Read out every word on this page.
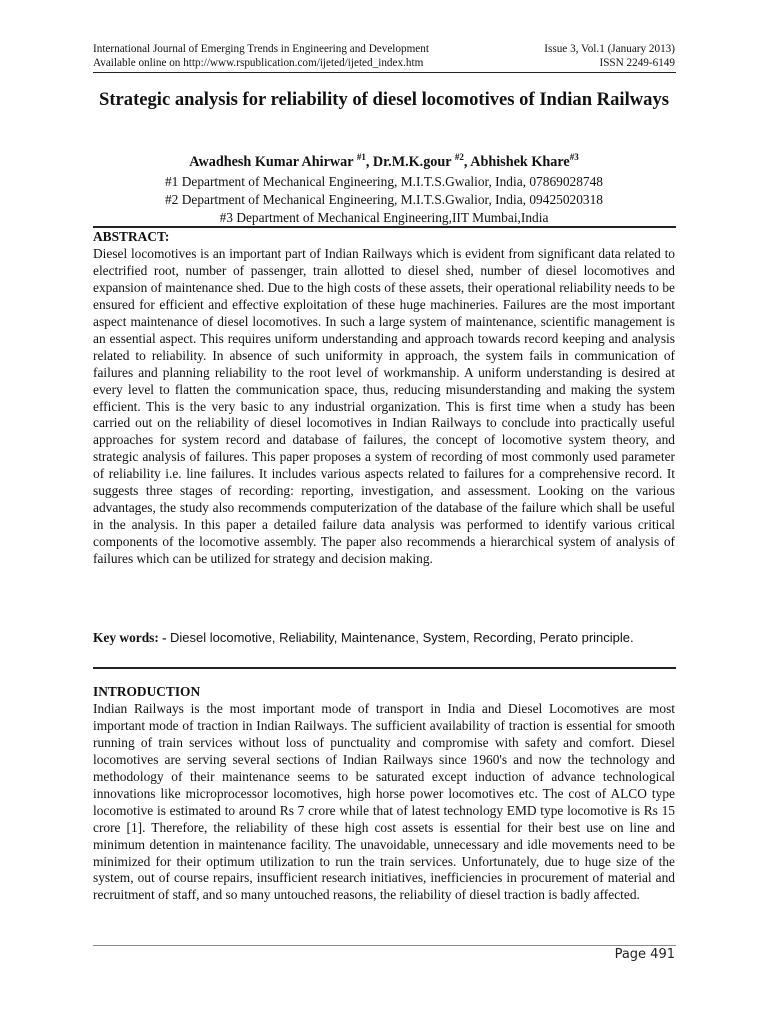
International Journal of Emerging Trends in Engineering and Development	Issue 3, Vol.1 (January 2013)
Available online on http://www.rspublication.com/ijeted/ijeted_index.htm	ISSN 2249-6149
Strategic analysis for reliability of diesel locomotives of Indian Railways
Awadhesh Kumar Ahirwar $^{\#1}$, Dr.M.K.gour $^{\#2}$, Abhishek Khare$^{\#3}$
#1 Department of Mechanical Engineering, M.I.T.S.Gwalior, India, 07869028748
#2 Department of Mechanical Engineering, M.I.T.S.Gwalior, India, 09425020318
#3 Department of Mechanical Engineering,IIT Mumbai,India
ABSTRACT:

Diesel locomotives is an important part of Indian Railways which is evident from significant data related to electrified root, number of passenger, train allotted to diesel shed, number of diesel locomotives and expansion of maintenance shed. Due to the high costs of these assets, their operational reliability needs to be ensured for efficient and effective exploitation of these huge machineries. Failures are the most important aspect maintenance of diesel locomotives. In such a large system of maintenance, scientific management is an essential aspect. This requires uniform understanding and approach towards record keeping and analysis related to reliability. In absence of such uniformity in approach, the system fails in communication of failures and planning reliability to the root level of workmanship. A uniform understanding is desired at every level to flatten the communication space, thus, reducing misunderstanding and making the system efficient. This is the very basic to any industrial organization. This is first time when a study has been carried out on the reliability of diesel locomotives in Indian Railways to conclude into practically useful approaches for system record and database of failures, the concept of locomotive system theory, and strategic analysis of failures. This paper proposes a system of recording of most commonly used parameter of reliability i.e. line failures. It includes various aspects related to failures for a comprehensive record. It suggests three stages of recording: reporting, investigation, and assessment. Looking on the various advantages, the study also recommends computerization of the database of the failure which shall be useful in the analysis. In this paper a detailed failure data analysis was performed to identify various critical components of the locomotive assembly. The paper also recommends a hierarchical system of analysis of failures which can be utilized for strategy and decision making.

Key words: - Diesel locomotive, Reliability, Maintenance, System, Recording, Perato principle.

INTRODUCTION

Indian Railways is the most important mode of transport in India and Diesel Locomotives are most important mode of traction in Indian Railways. The sufficient availability of traction is essential for smooth running of train services without loss of punctuality and compromise with safety and comfort. Diesel locomotives are serving several sections of Indian Railways since 1960's and now the technology and methodology of their maintenance seems to be saturated except induction of advance technological innovations like microprocessor locomotives, high horse power locomotives etc. The cost of ALCO type locomotive is estimated to around Rs 7 crore while that of latest technology EMD type locomotive is Rs 15 crore [1]. Therefore, the reliability of these high cost assets is essential for their best use on line and minimum detention in maintenance facility. The unavoidable, unnecessary and idle movements need to be minimized for their optimum utilization to run the train services. Unfortunately, due to huge size of the system, out of course repairs, insufficient research initiatives, inefficiencies in procurement of material and recruitment of staff, and so many untouched reasons, the reliability of diesel traction is badly affected.

Page 491
